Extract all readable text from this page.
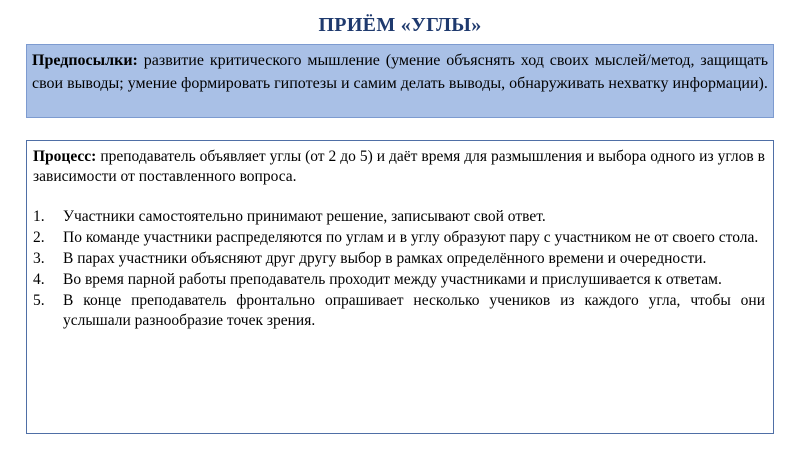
ПРИЁМ «УГЛЫ»
Предпосылки: развитие критического мышление (умение объяснять ход своих мыслей/метод, защищать свои выводы; умение формировать гипотезы и самим делать выводы, обнаруживать нехватку информации).

Процесс: преподаватель объявляет углы (от 2 до 5) и даёт время для размышления и выбора одного из углов в зависимости от поставленного вопроса.

1. Участники самостоятельно принимают решение, записывают свой ответ.
2. По команде участники распределяются по углам и в углу образуют пару с участником не от своего стола.
3. В парах участники объясняют друг другу выбор в рамках определённого времени и очередности.
4. Во время парной работы преподаватель проходит между участниками и прислушивается к ответам.
5. В конце преподаватель фронтально опрашивает несколько учеников из каждого угла, чтобы они услышали разнообразие точек зрения.
